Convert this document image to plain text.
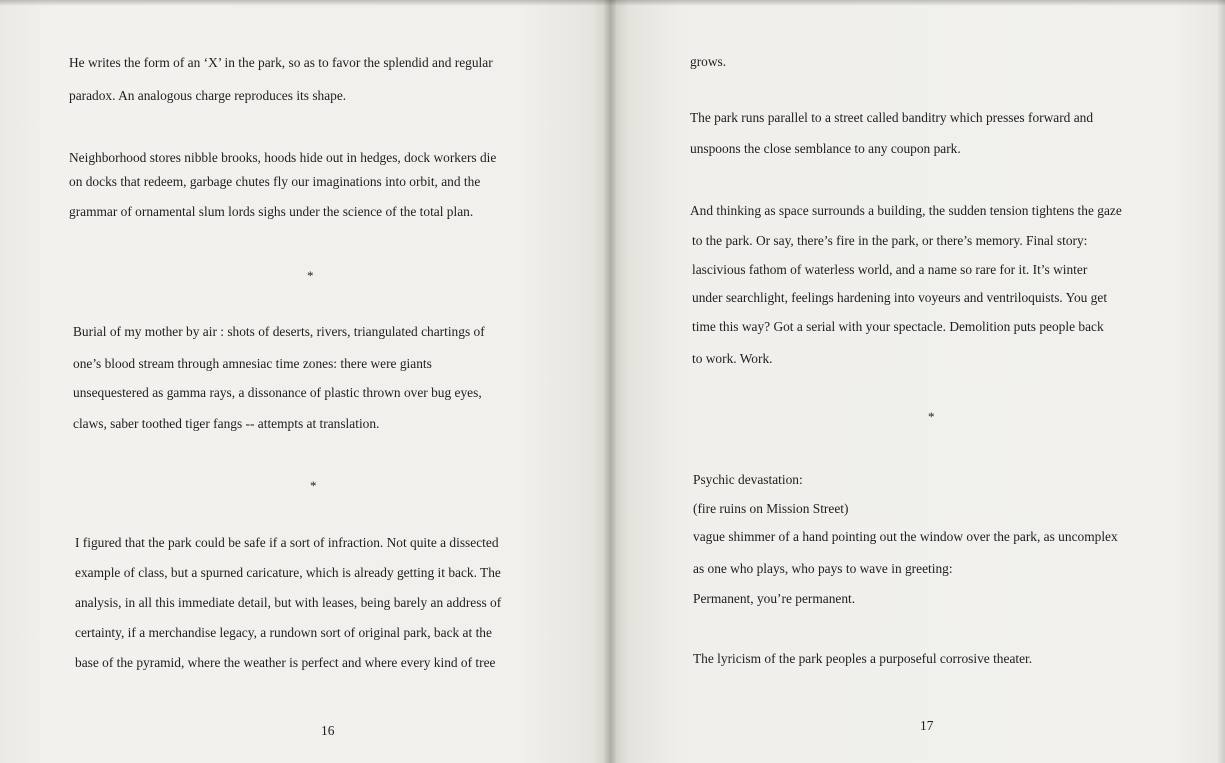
He writes the form of an ‘X’ in the park, so as to favor the splendid and regular
paradox. An analogous charge reproduces its shape.
Neighborhood stores nibble brooks, hoods hide out in hedges, dock workers die
on docks that redeem, garbage chutes fly our imaginations into orbit, and the
grammar of ornamental slum lords sighs under the science of the total plan.
*
Burial of my mother by air : shots of deserts, rivers, triangulated chartings of
one’s blood stream through amnesiac time zones: there were giants
unsequestered as gamma rays, a dissonance of plastic thrown over bug eyes,
claws, saber toothed tiger fangs -- attempts at translation.
*
I figured that the park could be safe if a sort of infraction. Not quite a dissected
example of class, but a spurned caricature, which is already getting it back. The
analysis, in all this immediate detail, but with leases, being barely an address of
certainty, if a merchandise legacy, a rundown sort of original park, back at the
base of the pyramid, where the weather is perfect and where every kind of tree
16
grows.
The park runs parallel to a street called banditry which presses forward and
unspoons the close semblance to any coupon park.
And thinking as space surrounds a building, the sudden tension tightens the gaze
to the park. Or say, there’s fire in the park, or there’s memory. Final story:
lascivious fathom of waterless world, and a name so rare for it. It’s winter
under searchlight, feelings hardening into voyeurs and ventriloquists. You get
time this way? Got a serial with your spectacle. Demolition puts people back
to work. Work.
*
Psychic devastation:
(fire ruins on Mission Street)
vague shimmer of a hand pointing out the window over the park, as uncomplex
as one who plays, who pays to wave in greeting:
Permanent, you’re permanent.
The lyricism of the park peoples a purposeful corrosive theater.
17
